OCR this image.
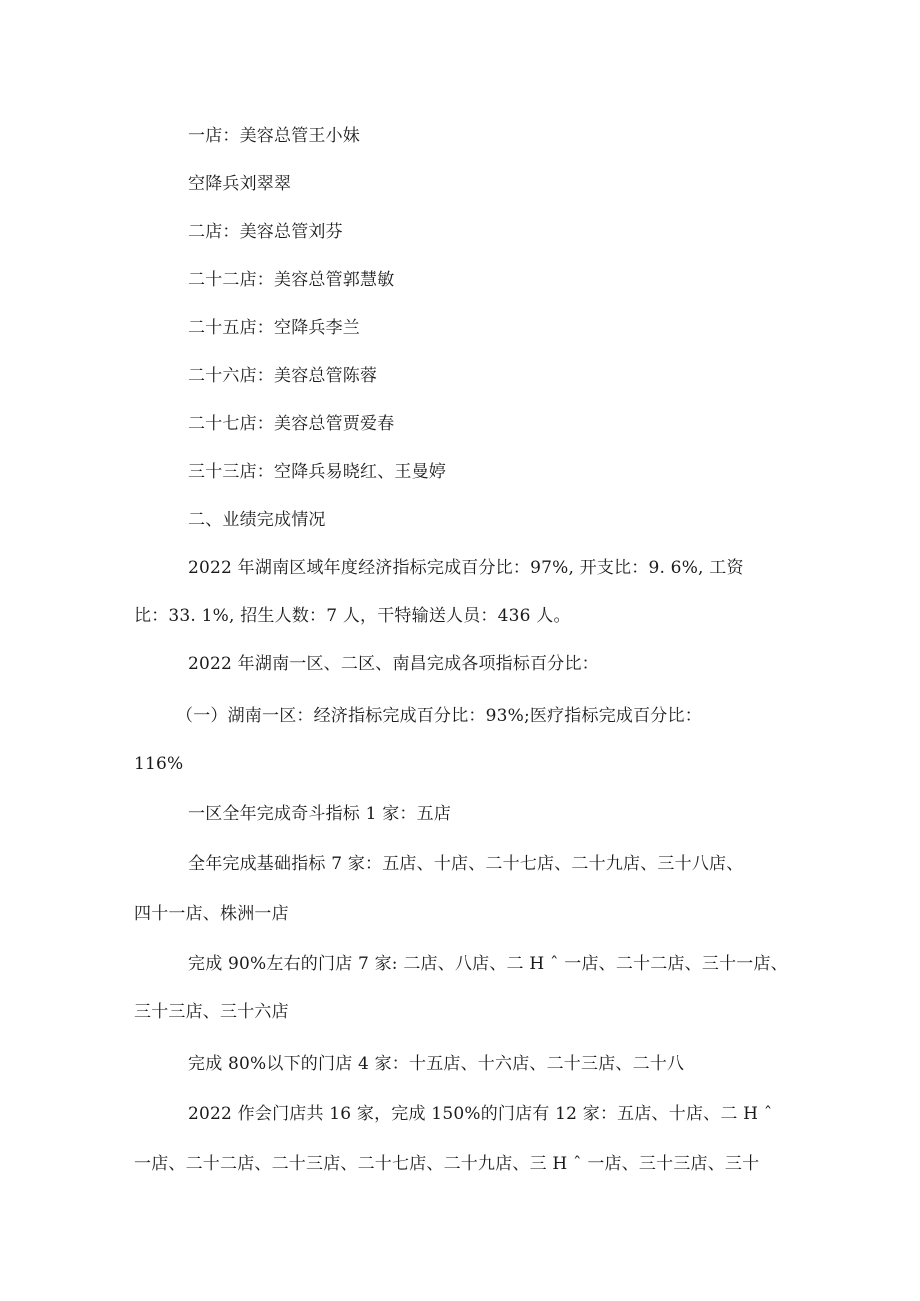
一店：美容总管王小妹
空降兵刘翠翠
二店：美容总管刘芬
二十二店：美容总管郭慧敏
二十五店：空降兵李兰
二十六店：美容总管陈蓉
二十七店：美容总管贾爱春
三十三店：空降兵易晓红、王曼婷
二、业绩完成情况
2022 年湖南区域年度经济指标完成百分比：97%, 开支比：9. 6%, 工资
比：33. 1%, 招生人数：7 人，干特输送人员：436 人。
2022 年湖南一区、二区、南昌完成各项指标百分比：
（一）湖南一区：经济指标完成百分比：93%;医疗指标完成百分比：
116%
一区全年完成奇斗指标 1 家：五店
全年完成基础指标 7 家：五店、十店、二十七店、二十九店、三十八店、
四十一店、株洲一店
完成 90%左右的门店 7 家: 二店、八店、二 H ˆ 一店、二十二店、三十一店、
三十三店、三十六店
完成 80%以下的门店 4 家：十五店、十六店、二十三店、二十八
2022 作会门店共 16 家，完成 150%的门店有 12 家：五店、十店、二 H ˆ
一店、二十二店、二十三店、二十七店、二十九店、三 H ˆ 一店、三十三店、三十
